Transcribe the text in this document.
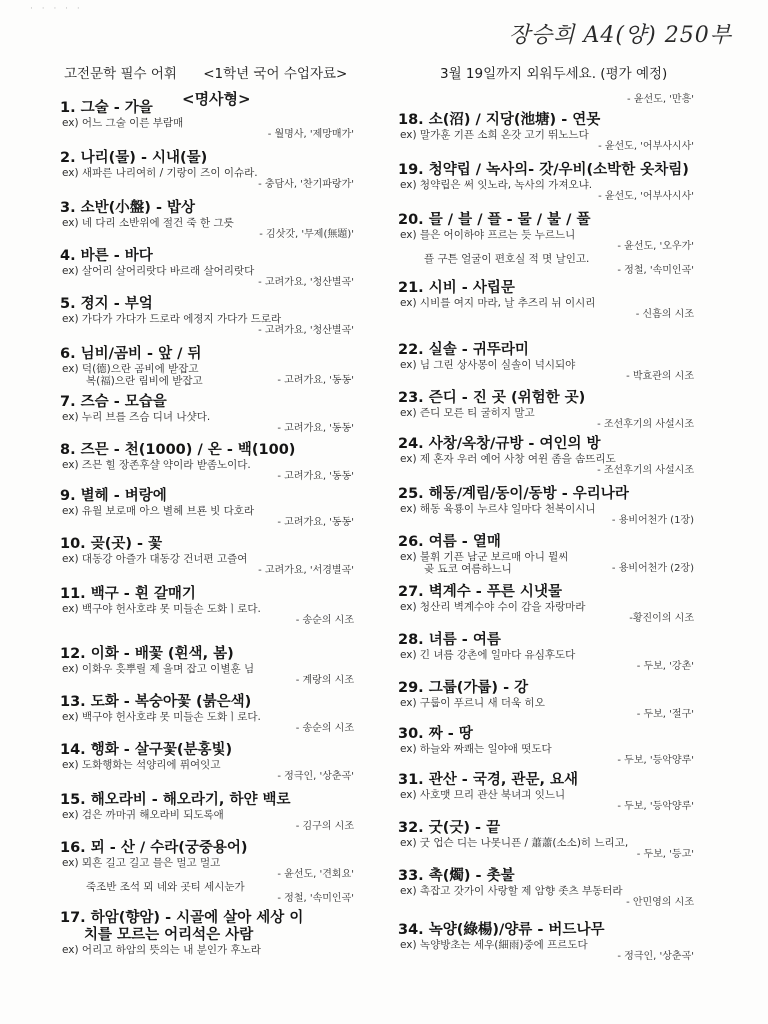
· · · · ·
장승희 A4(양) 250부
고전문학 필수 어휘 <1학년 국어 수업자료>	3월 19일까지 외워두세요. (평가 예정)
<명사형>
1. 그술 - 가을
ex) 어느 그술 이른 부람매
- 월명사, '제망매가'
2. 나리(물) - 시내(물)
ex) 새파른 나리여히 / 기랑이 즈이 이슈라.
- 충담사, '찬기파랑가'
3. 소반(小盤) - 밥상
ex) 네 다리 소반위에 절건 죽 한 그릇
- 김삿갓, '무제(無題)'
4. 바른 - 바다
ex) 살어리 살어리랏다 바르래 살어리랏다
- 고려가요, '청산별곡'
5. 졍지 - 부엌
ex) 가다가 가다가 드로라 에졍지 가다가 드로라
- 고려가요, '청산별곡'
6. 님비/곰비 - 앞 / 뒤
ex) 덕(德)으란 곰비에 받잡고
복(福)으란 림비에 받잡고	- 고려가요, '동동'
7. 즈슴 - 모습을
ex) 누리 브를 즈슴 디녀 나샷다.
- 고려가요, '동동'
8. 즈믄 - 천(1000) / 온 - 백(100)
ex) 즈믄 힐 장존후샬 약이라 받좀노이다.
- 고려가요, '동동'
9. 별헤 - 벼랑에
ex) 유월 보로매 아으 별헤 브룐 빗 다호라
- 고려가요, '동동'
10. 곶(곳) - 꽃
ex) 대동강 아즐가 대동강 건너편 고즐여
- 고려가요, '서경별곡'
11. 백구 - 흰 갈매기
ex) 백구야 헌사호랴 못 미들손 도화ㅣ로다.
- 송순의 시조
12. 이화 - 배꽃 (흰색, 봄)
ex) 이화우 흣뿌릴 제 울며 잡고 이별훈 님
- 계랑의 시조
13. 도화 - 복숭아꽃 (붉은색)
ex) 백구야 헌사호랴 못 미들손 도화ㅣ로다.
- 송순의 시조
14. 행화 - 살구꽃(분홍빛)
ex) 도화행화는 석양리에 퓌여잇고
- 정극인, '상춘곡'
15. 해오라비 - 해오라기, 하얀 백로
ex) 검은 까마귀 해오라비 되도록애
- 김구의 시조
16. 뫼 - 산 / 수라(궁중용어)
ex) 뫼흔 길고 길고 믈은 멀고 멀고
- 윤선도, '견회요'
죽조반 조석 뫼 네와 곳티 세시눈가
- 정철, '속미인곡'
17. 하암(향암) - 시골에 살아 세상 이
치를 모르는 어리석은 사람
ex) 어리고 하암의 뜻의는 내 분인가 후노라
- 윤선도, '만흥'
18. 소(沼) / 지당(池塘) - 연못
ex) 말가훈 기픈 소희 온갓 고기 뛰노느다
- 윤선도, '어부사시사'
19. 청약립 / 녹사의- 갓/우비(소박한 옷차림)
ex) 청약립은 써 잇노라, 녹사의 가져오냐.
- 윤선도, '어부사시사'
20. 믈 / 블 / 플 - 물 / 불 / 풀
ex) 믈은 어이하야 프르는 듯 누르느니
- 윤선도, '오우가'
플 구튼 얼굴이 편호실 적 몃 날인고.
- 정철, '속미인곡'
21. 시비 - 사립문
ex) 시비를 여지 마라, 날 추즈리 뉘 이시리
- 신흠의 시조
22. 실솔 - 귀뚜라미
ex) 님 그린 상사몽이 실솔이 넉시되야
- 박효관의 시조
23. 즌디 - 진 곳 (위험한 곳)
ex) 즌디 모른 티 굴히지 말고
- 조선후기의 사설시조
24. 사창/옥창/규방 - 여인의 방
ex) 제 혼자 우러 예어 사창 여윈 좀을 솜뜨리도
- 조선후기의 사설시조
25. 해동/계림/동이/동방 - 우리나라
ex) 해동 육룡이 누르샤 일마다 천복이시니
- 용비어천가 (1장)
26. 여름 - 열매
ex) 불휘 기픈 남군 보르매 아니 뮐씨
곶 됴코 여름하느니	- 용비어천가 (2장)
27. 벽계수 - 푸른 시냇물
ex) 청산리 벽계수야 수이 감을 자랑마라
-황진이의 시조
28. 녀름 - 여름
ex) 긴 녀름 강촌에 일마다 유심후도다
- 두보, '강촌'
29. 그룹(가룹) - 강
ex) 구룹이 푸르니 새 더욱 히오
- 두보, '절구'
30. 짜 - 땅
ex) 하늘와 짜쾌는 일야애 떳도다
- 두보, '등악양루'
31. 관산 - 국경, 관문, 요새
ex) 사호맷 므리 관산 북녀긔 잇느니
- 두보, '등악양루'
32. 굿(긋) - 끝
ex) 굿 업슨 디는 나못니픈 / 蕭蕭(소소)히 느리고,
- 두보, '등고'
33. 촉(燭) - 촛불
ex) 촉잡고 갓가이 사랑할 제 암향 좃츠 부동터라
- 안민영의 시조
34. 녹양(綠楊)/양류 - 버드나무
ex) 녹양방초는 세우(細雨)중에 프르도다
- 정극인, '상춘곡'
